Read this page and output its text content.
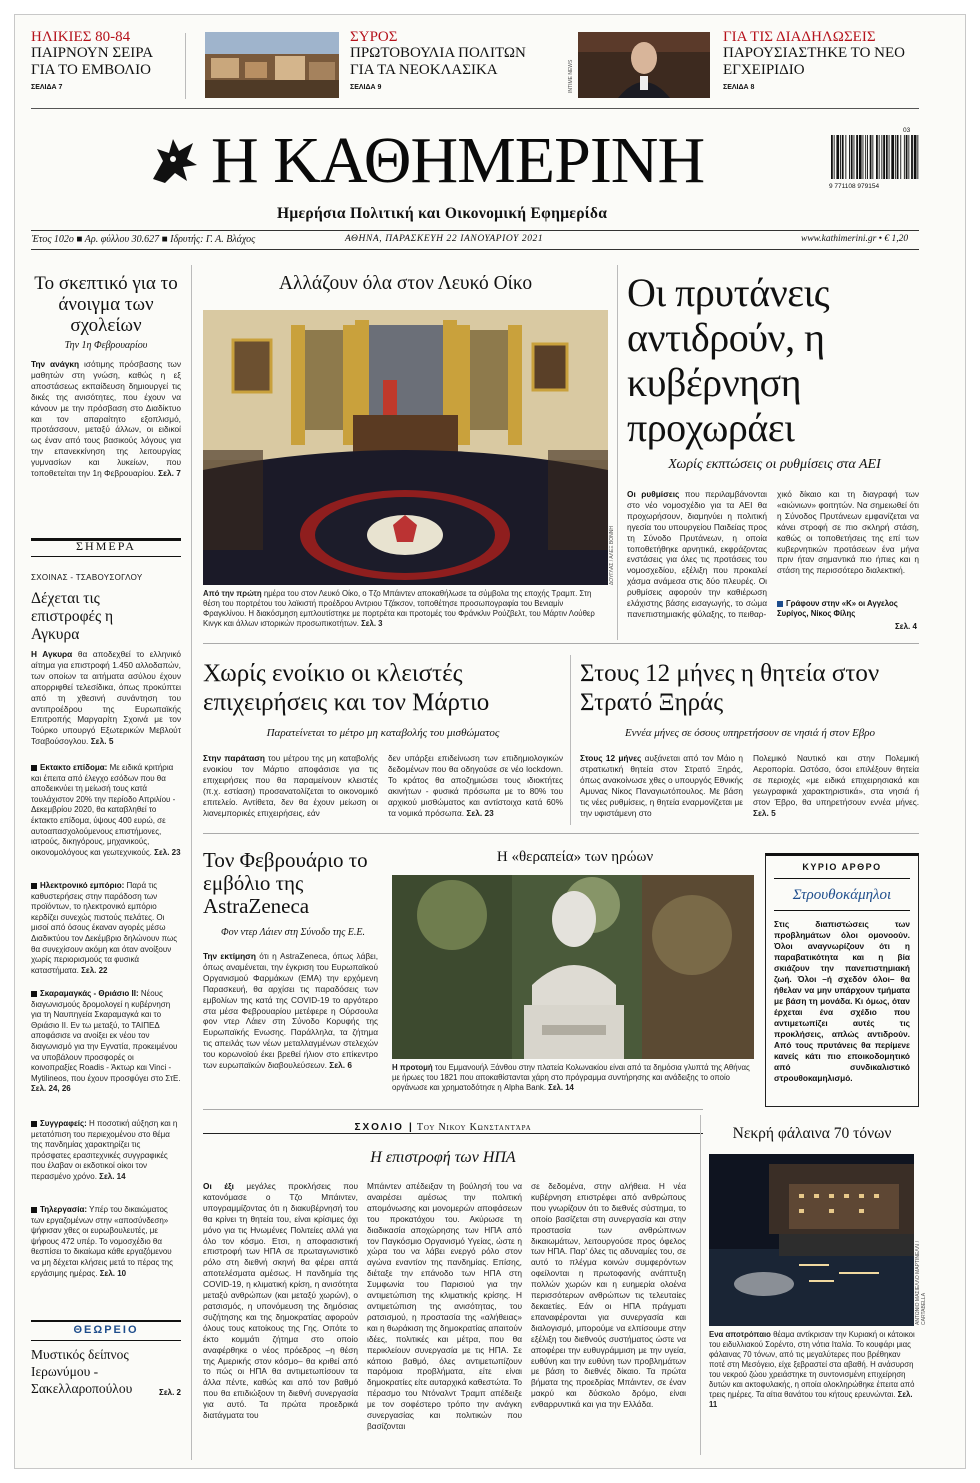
ΗΛΙΚΙΕΣ 80-84
ΠΑΙΡΝΟΥΝ ΣΕΙΡΑ ΓΙΑ ΤΟ ΕΜΒΟΛΙΟ
ΣΕΛΙΔΑ 7
ΣΥΡΟΣ
ΠΡΩΤΟΒΟΥΛΙΑ ΠΟΛΙΤΩΝ ΓΙΑ ΤΑ ΝΕΟΚΛΑΣΙΚΑ
ΣΕΛΙΔΑ 9	ΙΝΤΙΜΕ ΝΕWS
ΓΙΑ ΤΙΣ ΔΙΑΔΗΛΩΣΕΙΣ
ΠΑΡΟΥΣΙΑΣΤΗΚΕ ΤΟ ΝΕΟ ΕΓΧΕΙΡΙΔΙΟ
ΣΕΛΙΔΑ 8
Η ΚΑΘΗΜΕΡΙΝΗ
Ημερήσια Πολιτική και Οικονομική Εφημερίδα
9 771108 979154
03
Έτος 102ο ■ Αρ. φύλλου 30.627 ■ Ιδρυτής: Γ. Α. Βλάχος	ΑΘΗΝΑ, ΠΑΡΑΣΚΕΥΗ 22 ΙΑΝΟΥΑΡΙΟΥ 2021	www.kathimerini.gr • € 1,20
Το σκεπτικό για το άνοιγμα των σχολείων
Την 1η Φεβρουαρίου
Την ανάγκη ισότιμης πρόσβασης των μαθητών στη γνώση, καθώς η εξ αποστάσεως εκπαίδευση δημιουργεί τις δικές της ανισότητες, που έχουν να κάνουν με την πρόσβαση στο Διαδίκτυο και τον απαραίτητο εξοπλισμό, προτάσσουν, μεταξύ άλλων, οι ειδικοί ως έναν από τους βασικούς λόγους για την επανεκκίνηση της λειτουργίας γυμνασίων και λυκείων, που τοποθετείται την 1η Φεβρουαρίου. Σελ. 7
ΣΗΜΕΡΑ
ΣΧΟΙΝΑΣ - ΤΣΑΒΟΥΣΟΓΛΟΥ
Δέχεται τις επιστροφές η Αγκυρα
Η Αγκυρα θα αποδεχθεί το ελληνικό αίτημα για επιστροφή 1.450 αλλοδαπών, των οποίων τα αιτήματα ασύλου έχουν απορριφθεί τελεσίδικα, όπως προκύπτει από τη χθεσινή συνάντηση του αντιπροέδρου της Ευρωπαϊκής Επιτροπής Μαργαρίτη Σχοινά με τον Τούρκο υπουργό Εξωτερικών Μεβλούτ Τσαβούσογλου. Σελ. 5
Εκτακτο επίδομα: Με ειδικά κριτήρια και έπειτα από έλεγχο εσόδων που θα αποδεικνύει τη μείωσή τους κατά τουλάχιστον 20% την περίοδο Απριλίου - Δεκεμβρίου 2020, θα καταβληθεί το έκτακτο επίδομα, ύψους 400 ευρώ, σε αυτοαπασχολούμενους επιστήμονες, ιατρούς, δικηγόρους, μηχανικούς, οικονομολόγους και γεωτεχνικούς. Σελ. 23
Ηλεκτρονικό εμπόριο: Παρά τις καθυστερήσεις στην παράδοση των προϊόντων, το ηλεκτρονικό εμπόριο κερδίζει συνεχώς πιστούς πελάτες. Οι μισοί από όσους έκαναν αγορές μέσω Διαδικτύου τον Δεκέμβριο δηλώνουν πως θα συνεχίσουν ακόμη και όταν ανοίξουν χωρίς περιορισμούς τα φυσικά καταστήματα. Σελ. 22
Σκαραμαγκάς - Θριάσιο ΙΙ: Νέους διαγωνισμούς δρομολογεί η κυβέρνηση για τη Ναυπηγεία Σκαραμαγκά και το Θριάσιο ΙΙ. Εν τω μεταξύ, το ΤΑΙΠΕΔ αποφάσισε να ανοίξει εκ νέου τον διαγωνισμό για την Εγνατία, προκειμένου να υποβάλουν προσφορές οι κοινοπραξίες Roadis - Άκτωρ και Vinci - Mytilineos, που έχουν προσφύγει στο ΣτΕ. Σελ. 24, 26
Συγγραφείς: Η ποσοτική αύξηση και η μετατόπιση του περιεχομένου στο θέμα της πανδημίας χαρακτηρίζει τις πρόσφατες ερασιτεχνικές συγγραφικές που έλαβαν οι εκδοτικοί οίκοι τον περασμένο χρόνο. Σελ. 14
Τηλεργασία: Υπέρ του δικαιώματος των εργαζομένων στην «αποσύνδεση» ψήφισαν χθες οι ευρωβουλευτές, με ψήφους 472 υπέρ. Το νομοσχέδιο θα θεσπίσει το δικαίωμα κάθε εργαζόμενου να μη δέχεται κλήσεις μετά το πέρας της εργάσιμης ημέρας. Σελ. 10
ΘΕΩΡΕΙΟ
Μυστικός δείπνος Ιερωνύμου - Σακελλαροπούλου	Σελ. 2
Αλλάζουν όλα στον Λευκό Οίκο
ΔΟΥΓΛΑΣ / ΑΛΕΞ ΒΟΝΝΗ
Από την πρώτη ημέρα του στον Λευκό Οίκο, ο Τζο Μπάιντεν αποκαθήλωσε τα σύμβολα της εποχής Τραμπ. Στη θέση του πορτρέτου του λαϊκιστή προέδρου Αντριου Τζάκσον, τοποθέτησε προσωπογραφία του Βενιαμίν Φραγκλίνου. Η διακόσμηση εμπλουτίστηκε με πορτρέτα και προτομές του Φράνκλιν Ρούζβελτ, του Μάρτιν Λούθερ Κινγκ και άλλων ιστορικών προσωπικοτήτων. Σελ. 3
Οι πρυτάνεις αντιδρούν, η κυβέρνηση προχωράει
Χωρίς εκπτώσεις οι ρυθμίσεις στα ΑΕΙ
Οι ρυθμίσεις που περιλαμβάνονται στο νέο νομοσχέδιο για τα ΑΕΙ θα προχωρήσουν, διαμηνύει η πολιτική ηγεσία του υπουργείου Παιδείας προς τη Σύνοδο Πρυτάνεων, η οποία τοποθετήθηκε αρνητικά, εκφράζοντας ενστάσεις για όλες τις προτάσεις του νομοσχεδίου, εξέλιξη που προκαλεί χάσμα ανάμεσα στις δύο πλευρές. Οι ρυθμίσεις αφορούν την καθιέρωση ελάχιστης βάσης εισαγωγής, το σώμα πανεπιστημιακής φύλαξης, το πειθαρ-
χικό δίκαιο και τη διαγραφή των «αιώνιων» φοιτητών. Να σημειωθεί ότι η Σύνοδος Πρυτάνεων εμφανίζεται να κάνει στροφή σε πιο σκληρή στάση, καθώς οι τοποθετήσεις της επί των κυβερνητικών προτάσεων ένα μήνα πριν ήταν σημαντικά πιο ήπιες και η στάση της περισσότερο διαλεκτική.
Γράφουν στην «Κ» οι Αγγελος Συρίγος, Νίκος Φίλης
Σελ. 4
Χωρίς ενοίκιο οι κλειστές επιχειρήσεις και τον Μάρτιο
Παρατείνεται το μέτρο μη καταβολής του μισθώματος
Στην παράταση του μέτρου της μη καταβολής ενοικίου τον Μάρτιο αποφάσισε για τις επιχειρήσεις που θα παραμείνουν κλειστές (π.χ. εστίαση) προσανατολίζεται το οικονομικό επιτελείο. Αντίθετα, δεν θα έχουν μείωση οι λιανεμπορικές επιχειρήσεις, εάν
δεν υπάρξει επιδείνωση των επιδημιολογικών δεδομένων που θα οδηγούσε σε νέο lockdown. Το κράτος θα αποζημιώσει τους ιδιοκτήτες ακινήτων - φυσικά πρόσωπα με το 80% του αρχικού μισθώματος και αντίστοιχα κατά 60% τα νομικά πρόσωπα. Σελ. 23
Στους 12 μήνες η θητεία στον Στρατό Ξηράς
Εννέα μήνες σε όσους υπηρετήσουν σε νησιά ή στον Εβρο
Στους 12 μήνες αυξάνεται από τον Μάιο η στρατιωτική θητεία στον Στρατό Ξηράς, όπως ανακοίνωσε χθες ο υπουργός Εθνικής Αμυνας Νίκος Παναγιωτόπουλος. Με βάση τις νέες ρυθμίσεις, η θητεία εναρμονίζεται με την υφιστάμενη στο
Πολεμικό Ναυτικό και στην Πολεμική Αεροπορία. Ωστόσο, όσοι επιλέξουν θητεία σε περιοχές «με ειδικά επιχειρησιακά και γεωγραφικά χαρακτηριστικά», στα νησιά ή στον Έβρο, θα υπηρετήσουν εννέα μήνες. Σελ. 5
Τον Φεβρουάριο το εμβόλιο της AstraZeneca
Φον ντερ Λάιεν στη Σύνοδο της Ε.Ε.
Την εκτίμηση ότι η AstraZeneca, όπως λάβει, όπως αναμένεται, την έγκριση του Ευρωπαϊκού Οργανισμού Φαρμάκων (ΕΜΑ) την ερχόμενη Παρασκευή, θα αρχίσει τις παραδόσεις των εμβολίων της κατά της COVID-19 το αργότερο στα μέσα Φεβρουαρίου μετέφερε η Ούρσουλα φον ντερ Λάιεν στη Σύνοδο Κορυφής της Ευρωπαϊκής Ενωσης. Παράλληλα, τα ζήτημα τις απειλάς των νέων μεταλλαγμένων στελεχών του κορωνοϊού έκει βρεθεί ήλιον στο επίκεντρο των ευρωπαϊκών διαβουλεύσεων. Σελ. 6
Η «θεραπεία» των ηρώων
Η προτομή του Εμμανουήλ Ξάνθου στην πλατεία Κολωνακίου είναι από τα δημόσια γλυπτά της Αθήνας με ήρωες του 1821 που αποκαθίστανται χάρη στο πρόγραμμα συντήρησης και ανάδειξης το οποίο οργάνωσε και χρηματοδότησε η Alpha Bank. Σελ. 14
ΚΥΡΙΟ ΑΡΘΡΟ
Στρουθοκάμηλοι
Στις διαπιστώσεις των προβλημάτων όλοι ομονοούν. Όλοι αναγνωρίζουν ότι η παραβατικότητα και η βία σκιάζουν την πανεπιστημιακή ζωή. Όλοι –ή σχεδόν όλοι– θα ήθελαν να μην υπάρχουν τμήματα με βάση τη μονάδα. Κι όμως, όταν έρχεται ένα σχέδιο που αντιμετωπίζει αυτές τις προκλήσεις, απλώς αντιδρούν. Από τους πρυτάνεις θα περίμενε κανείς κάτι πιο εποικοδομητικό από συνδικαλιστικό στρουθοκαμηλισμό.
ΣΧΟΛΙΟ | Του Νικου Κωνσταντάρα
Η επιστροφή των ΗΠΑ
Οι έξι μεγάλες προκλήσεις που κατονόμασε ο Τζο Μπάιντεν, υπογραμμίζοντας ότι η διακυβέρνησή του θα κρίνει τη θητεία του, είναι κρίσιμες όχι μόνο για τις Ηνωμένες Πολιτείες αλλά για όλο τον κόσμο. Ετσι, η αποφασιστική επιστροφή των ΗΠΑ σε πρωταγωνιστικό ρόλο στη διεθνή σκηνή θα φέρει απτά αποτελέσματα αμέσως. Η πανδημία της COVID-19, η κλιματική κρίση, η ανισότητα μεταξύ ανθρώπων (και μεταξύ χωρών), ο ρατσισμός, η υπονόμευση της δημόσιας συζήτησης και της δημοκρατίας αφορούν όλους τους κατοίκους της Γης. Οπότε το έκτο κομμάτι ζήτημα στο οποίο αναφέρθηκε ο νέος πρόεδρος –η θέση της Αμερικής στον κόσμο– θα κριθεί από το πώς οι ΗΠΑ θα αντιμετωπίσουν τα άλλα πέντε, καθώς και από τον βαθμό που θα επιδιώξουν τη διεθνή συνεργασία για αυτό. Τα πρώτα προεδρικά διατάγματα του
Μπάιντεν απέδειξαν τη βούλησή του να αναιρέσει αμέσως την πολιτική απομόνωσης και μονομερών αποφάσεων του προκατόχου του. Ακύρωσε τη διαδικασία αποχώρησης των ΗΠΑ από τον Παγκόσμιο Οργανισμό Υγείας, ώστε η χώρα του να λάβει ενεργό ρόλο στον αγώνα εναντίον της πανδημίας. Επίσης, διέταξε την επάνοδο των ΗΠΑ στη Συμφωνία του Παρισιού για την αντιμετώπιση της κλιματικής κρίσης. Η αντιμετώπιση της ανισότητας, του ρατσισμού, η προστασία της «αλήθειας» και η θωράκιση της δημοκρατίας απαιτούν ιδέες, πολιτικές και μέτρα, που θα περικλείουν συνεργασία με τις ΗΠΑ. Σε κάποιο βαθμό, όλες αντιμετωπίζουν παρόμοια προβλήματα, είτε είναι δημοκρατίες είτε αυταρχικά καθεστώτα. Το πέρασμο του Ντόναλντ Τραμπ απέδειξε με τον σοφέστερο τρόπο την ανάγκη συνεργασίας και πολιτικών που βασίζονται
σε δεδομένα, στην αλήθεια. Η νέα κυβέρνηση επιστρέφει από ανθρώπους που γνωρίζουν ότι το διεθνές σύστημα, το οποίο βασίζεται στη συνεργασία και στην προστασία των ανθρώπινων δικαιωμάτων, λειτουργούσε προς όφελος των ΗΠΑ. Παρ' όλες τις αδυναμίες του, σε αυτό το πλέγμα κοινών συμφερόντων οφείλονται η πρωτοφανής ανάπτυξη πολλών χωρών και η ευημερία ολοένα περισσότερων ανθρώπων τις τελευταίες δεκαετίες. Εάν οι ΗΠΑ πράγματι επαναφέρονται για συνεργασία και διαλογισμό, μπορούμε να ελπίσουμε στην εξέλιξη του διεθνούς συστήματος ώστε να αποφέρει την ευθυγράμμιση με την υγεία, ευθύνη και την ευθύνη των προβλημάτων με βάση το διεθνές δίκαιο. Τα πρώτα βήματα της προεδρίας Μπάιντεν, σε έναν μακρύ και δύσκολο δρόμο, είναι ενθαρρυντικά και για την Ελλάδα.
Νεκρή φάλαινα 70 τόνων
ΑΝΤΩΝΙΟ ΜΑΣΙΕΛΛΟ ΜΑΡΤΙΝΕΛΛΙ / CARTABELLA
Ενα αποτρόπαιο θέαμα αντίκρισαν την Κυριακή οι κάτοικοι του ειδυλλιακού Σορέντο, στη νότια Ιταλία. Το κουφάρι μιας φάλαινας 70 τόνων, από τις μεγαλύτερες που βρέθηκαν ποτέ στη Μεσόγειο, είχε ξεβραστεί στα αβαθή. Η ανάσυρση του νεκρού ζώου χρειάστηκε τη συντονισμένη επιχείρηση δυτών και ακτοφυλακής, η οποία ολοκληρώθηκε έπειτα από τρεις ημέρες. Τα αίτια θανάτου του κήτους ερευνώνται. Σελ. 11
